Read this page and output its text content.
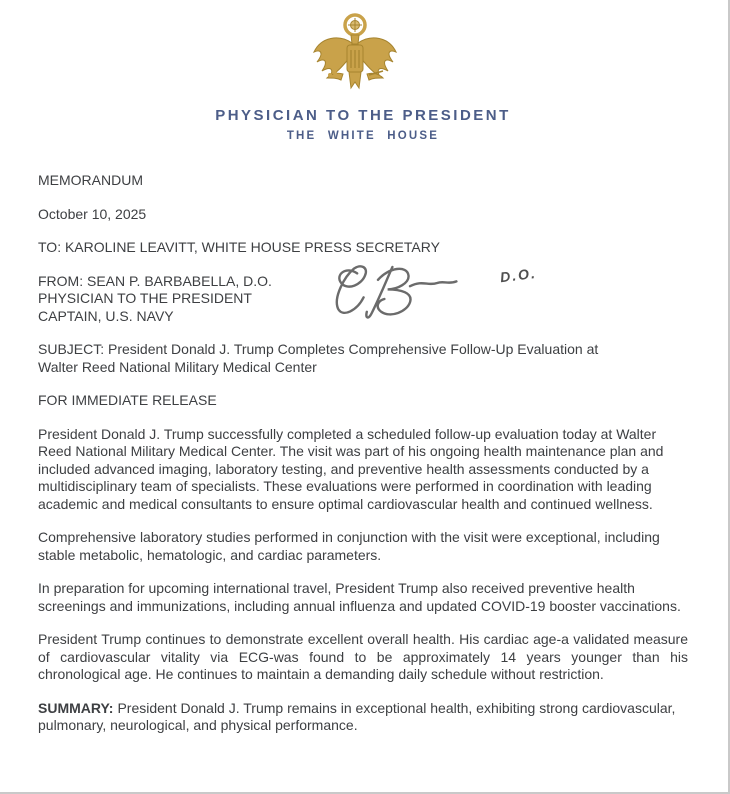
PHYSICIAN TO THE PRESIDENT
THE WHITE HOUSE
MEMORANDUM
October 10, 2025
TO: KAROLINE LEAVITT, WHITE HOUSE PRESS SECRETARY
FROM: SEAN P. BARBABELLA, D.O.
PHYSICIAN TO THE PRESIDENT
CAPTAIN, U.S. NAVY
D.O.
SUBJECT: President Donald J. Trump Completes Comprehensive Follow-Up Evaluation at Walter Reed National Military Medical Center
FOR IMMEDIATE RELEASE

President Donald J. Trump successfully completed a scheduled follow-up evaluation today at Walter Reed National Military Medical Center. The visit was part of his ongoing health maintenance plan and included advanced imaging, laboratory testing, and preventive health assessments conducted by a multidisciplinary team of specialists. These evaluations were performed in coordination with leading academic and medical consultants to ensure optimal cardiovascular health and continued wellness.

Comprehensive laboratory studies performed in conjunction with the visit were exceptional, including stable metabolic, hematologic, and cardiac parameters.

In preparation for upcoming international travel, President Trump also received preventive health screenings and immunizations, including annual influenza and updated COVID-19 booster vaccinations.

President Trump continues to demonstrate excellent overall health. His cardiac age-a validated measure of cardiovascular vitality via ECG-was found to be approximately 14 years younger than his chronological age. He continues to maintain a demanding daily schedule without restriction.

SUMMARY: President Donald J. Trump remains in exceptional health, exhibiting strong cardiovascular, pulmonary, neurological, and physical performance.
